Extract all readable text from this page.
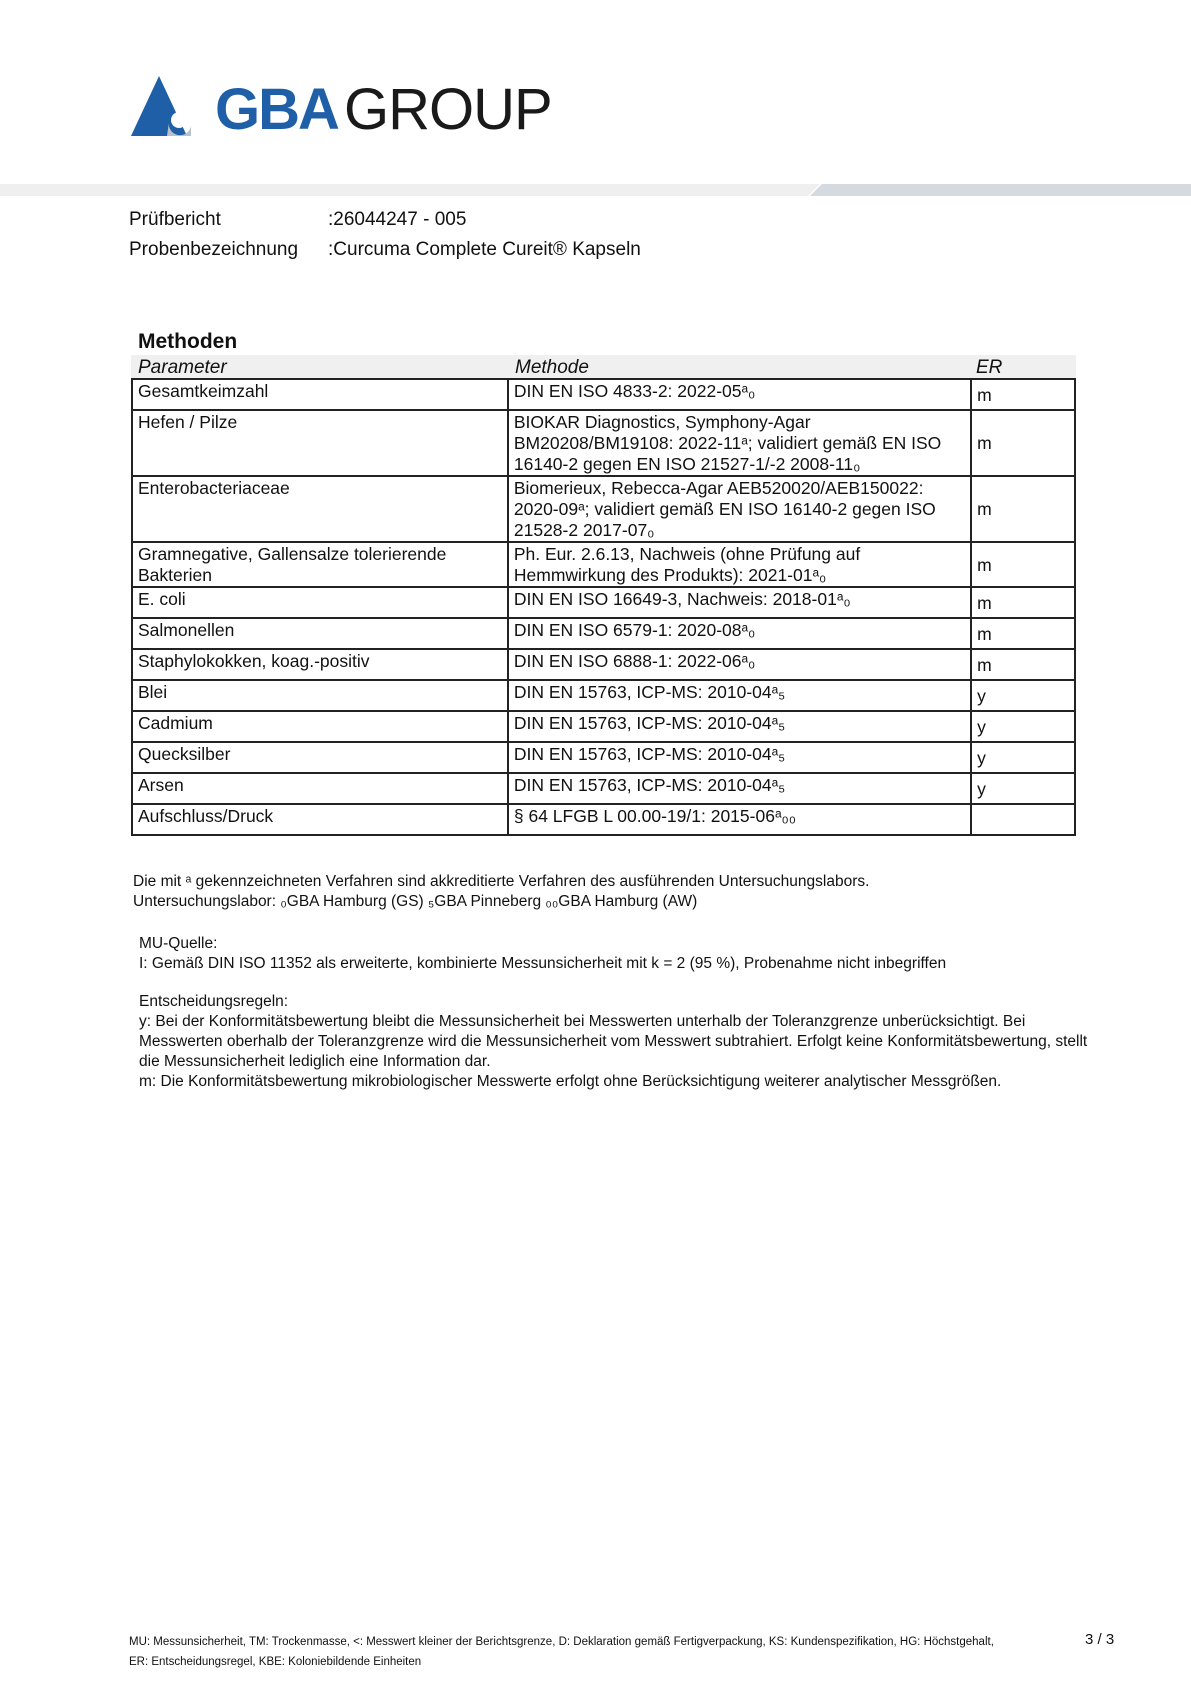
GBA GROUP
Prüfbericht	:26044247 - 005
Probenbezeichnung :Curcuma Complete Cureit® Kapseln
Methoden
Parameter	Methode	ER
Gesamtkeimzahl	DIN EN ISO 4833-2: 2022-05ᵃ₀	m
Hefen / Pilze	BIOKAR Diagnostics, Symphony-Agar BM20208/BM19108: 2022-11ᵃ; validiert gemäß EN ISO 16140-2 gegen EN ISO 21527-1/-2 2008-11₀	m
Enterobacteriaceae	Biomerieux, Rebecca-Agar AEB520020/AEB150022: 2020-09ᵃ; validiert gemäß EN ISO 16140-2 gegen ISO 21528-2 2017-07₀	m
Gramnegative, Gallensalze tolerierende Bakterien	Ph. Eur. 2.6.13, Nachweis (ohne Prüfung auf Hemmwirkung des Produkts): 2021-01ᵃ₀	m
E. coli	DIN EN ISO 16649-3, Nachweis: 2018-01ᵃ₀	m
Salmonellen	DIN EN ISO 6579-1: 2020-08ᵃ₀	m
Staphylokokken, koag.-positiv	DIN EN ISO 6888-1: 2022-06ᵃ₀	m
Blei	DIN EN 15763, ICP-MS: 2010-04ᵃ₅	y
Cadmium	DIN EN 15763, ICP-MS: 2010-04ᵃ₅	y
Quecksilber	DIN EN 15763, ICP-MS: 2010-04ᵃ₅	y
Arsen	DIN EN 15763, ICP-MS: 2010-04ᵃ₅	y
Aufschluss/Druck	§ 64 LFGB L 00.00-19/1: 2015-06ᵃ₀₀	

Die mit ᵃ gekennzeichneten Verfahren sind akkreditierte Verfahren des ausführenden Untersuchungslabors.

Untersuchungslabor: ₀GBA Hamburg (GS) ₅GBA Pinneberg ₀₀GBA Hamburg (AW)

MU-Quelle:

I: Gemäß DIN ISO 11352 als erweiterte, kombinierte Messunsicherheit mit k = 2 (95 %), Probenahme nicht inbegriffen

Entscheidungsregeln:

y: Bei der Konformitätsbewertung bleibt die Messunsicherheit bei Messwerten unterhalb der Toleranzgrenze unberücksichtigt. Bei Messwerten oberhalb der Toleranzgrenze wird die Messunsicherheit vom Messwert subtrahiert. Erfolgt keine Konformitätsbewertung, stellt die Messunsicherheit lediglich eine Information dar.

m: Die Konformitätsbewertung mikrobiologischer Messwerte erfolgt ohne Berücksichtigung weiterer analytischer Messgrößen.

MU: Messunsicherheit, TM: Trockenmasse, <: Messwert kleiner der Berichtsgrenze, D: Deklaration gemäß Fertigverpackung, KS: Kundenspezifikation, HG: Höchstgehalt,
ER: Entscheidungsregel, KBE: Koloniebildende Einheiten
3 / 3
